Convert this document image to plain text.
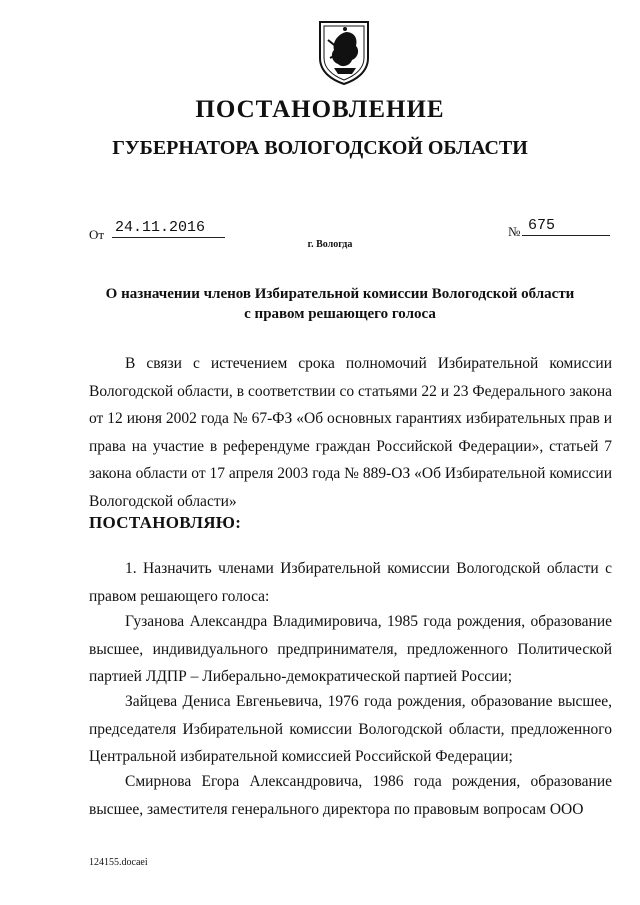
ПОСТАНОВЛЕНИЕ
ГУБЕРНАТОРА ВОЛОГОДСКОЙ ОБЛАСТИ
От 24.11.2016	№ 675
г. Вологда
О назначении членов Избирательной комиссии Вологодской области
с правом решающего голоса
В связи с истечением срока полномочий Избирательной комиссии Вологодской области, в соответствии со статьями 22 и 23 Федерального закона от 12 июня 2002 года № 67-ФЗ «Об основных гарантиях избирательных прав и права на участие в референдуме граждан Российской Федерации», статьей 7 закона области от 17 апреля 2003 года № 889-ОЗ «Об Избирательной комиссии Вологодской области»
ПОСТАНОВЛЯЮ:
1. Назначить членами Избирательной комиссии Вологодской области с правом решающего голоса:
Гузанова Александра Владимировича, 1985 года рождения, образование высшее, индивидуального предпринимателя, предложенного Политической партией ЛДПР – Либерально-демократической партией России;
Зайцева Дениса Евгеньевича, 1976 года рождения, образование высшее, председателя Избирательной комиссии Вологодской области, предложенного Центральной избирательной комиссией Российской Федерации;
Смирнова Егора Александровича, 1986 года рождения, образование высшее, заместителя генерального директора по правовым вопросам ООО
124155.docaei
